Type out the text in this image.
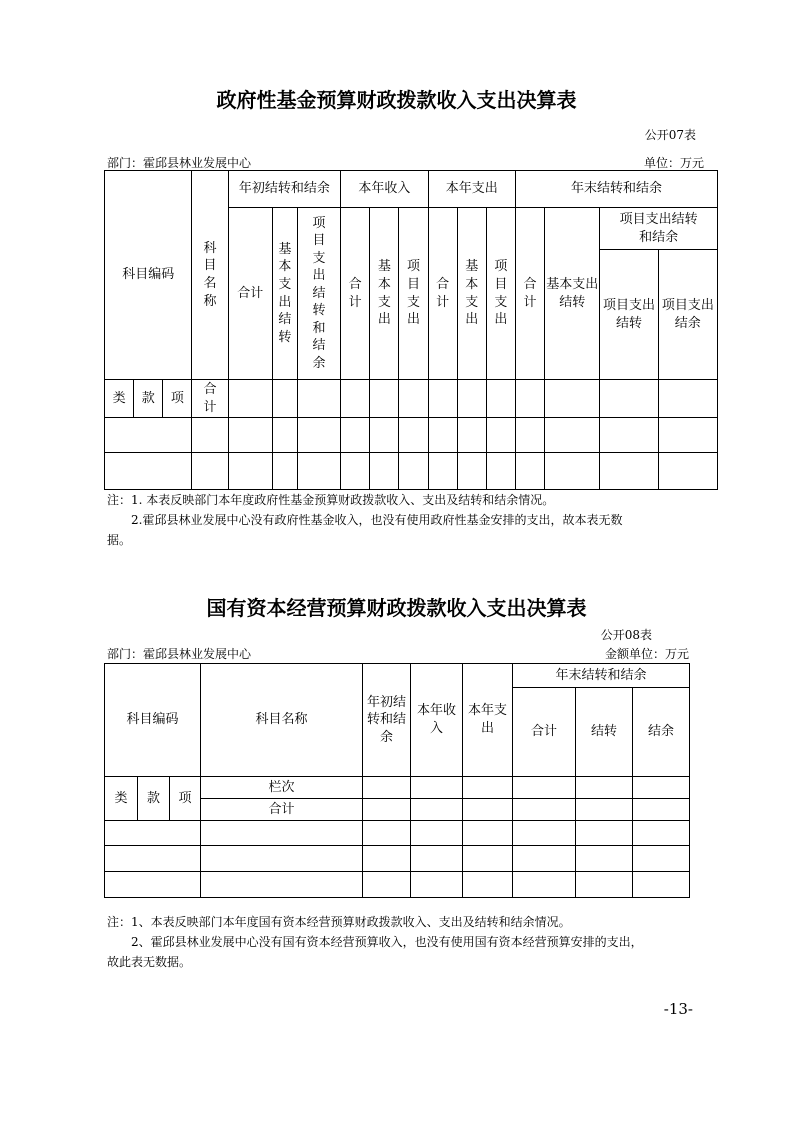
政府性基金预算财政拨款收入支出决算表
公开07表
部门：霍邱县林业发展中心	单位：万元
科目编码			科目名称	年初结转和结余			本年收入			本年支出			年末结转和结余			
				合计	基本支出结转	项目支出结转和结余	合计	基本支出	项目支出	合计	基本支出	项目支出	合计	基本支出结转	项目支出结转和结余	
															项目支出结转	项目支出结余
类	款	项	合计													

注：1. 本表反映部门本年度政府性基金预算财政拨款收入、支出及结转和结余情况。
2.霍邱县林业发展中心没有政府性基金收入，也没有使用政府性基金安排的支出，故本表无数
据。
国有资本经营预算财政拨款收入支出决算表
公开08表
部门：霍邱县林业发展中心	金额单位：万元
科目编码			科目名称	年初结转和结余	本年收入	本年支出	年末结转和结余		
							合计	结转	结余
类	款	项	栏次						
			合计						

注：1、本表反映部门本年度国有资本经营预算财政拨款收入、支出及结转和结余情况。
2、霍邱县林业发展中心没有国有资本经营预算收入，也没有使用国有资本经营预算安排的支出，
故此表无数据。
-13-
